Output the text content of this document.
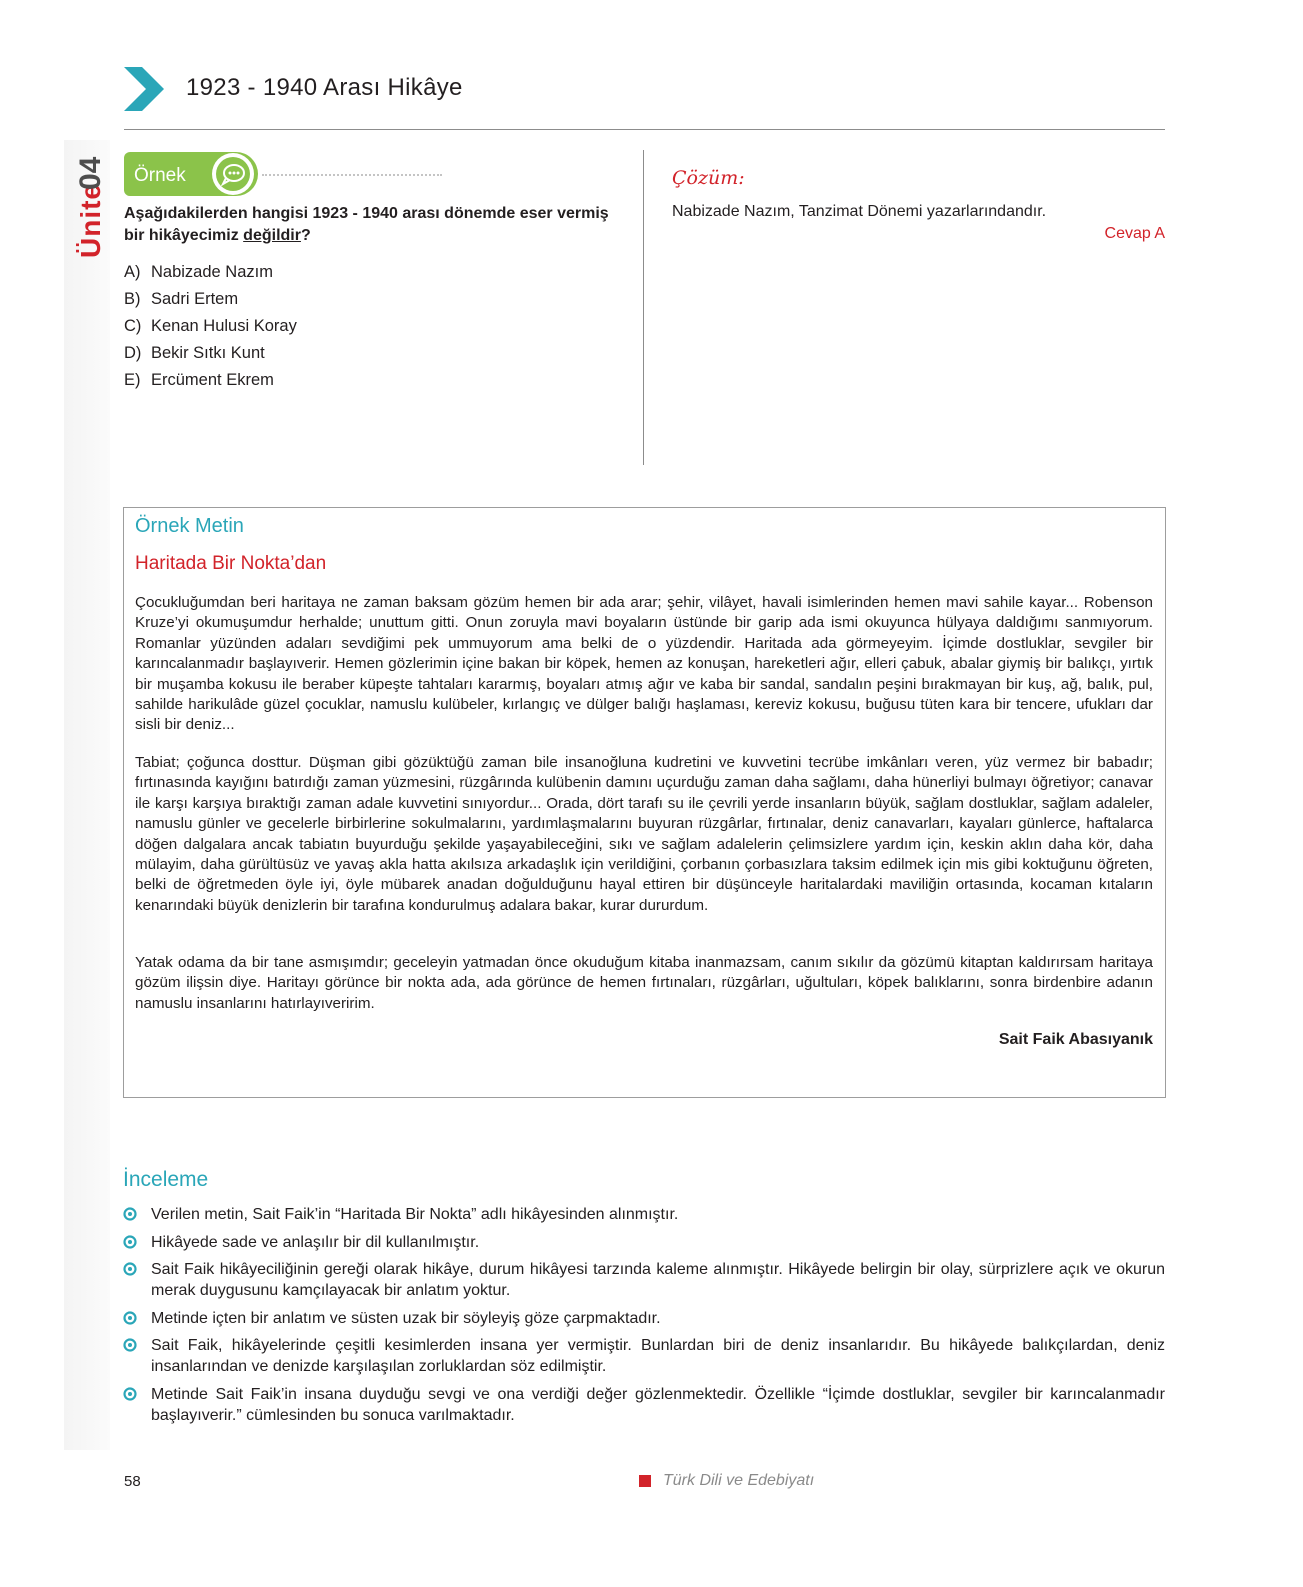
Ünite
04
1923 - 1940 Arası Hikâye
Örnek
Aşağıdakilerden hangisi 1923 - 1940 arası dönemde eser vermiş bir hikâyecimiz değildir?
A) Nabizade Nazım
B) Sadri Ertem
C) Kenan Hulusi Koray
D) Bekir Sıtkı Kunt
E) Ercüment Ekrem
Çözüm:
Nabizade Nazım, Tanzimat Dönemi yazarlarındandır.
Cevap A
Örnek Metin
Haritada Bir Nokta’dan
Çocukluğumdan beri haritaya ne zaman baksam gözüm hemen bir ada arar; şehir, vilâyet, havali isimlerinden hemen mavi sahile kayar... Robenson Kruze’yi okumuşumdur herhalde; unuttum gitti. Onun zoruyla mavi boyaların üstünde bir garip ada ismi okuyunca hülyaya daldığımı sanmıyorum. Romanlar yüzünden adaları sevdiğimi pek ummuyorum ama belki de o yüzdendir. Haritada ada görmeyeyim. İçimde dostluklar, sevgiler bir karıncalanmadır başlayıverir. Hemen gözlerimin içine bakan bir köpek, hemen az konuşan, hareketleri ağır, elleri çabuk, abalar giymiş bir balıkçı, yırtık bir muşamba kokusu ile beraber küpeşte tahtaları kararmış, boyaları atmış ağır ve kaba bir sandal, sandalın peşini bırakmayan bir kuş, ağ, balık, pul, sahilde harikulâde güzel çocuklar, namuslu kulübeler, kırlangıç ve dülger balığı haşlaması, kereviz kokusu, buğusu tüten kara bir tencere, ufukları dar sisli bir deniz...
Tabiat; çoğunca dosttur. Düşman gibi gözüktüğü zaman bile insanoğluna kudretini ve kuvvetini tecrübe imkânları veren, yüz vermez bir babadır; fırtınasında kayığını batırdığı zaman yüzmesini, rüzgârında kulübenin damını uçurduğu zaman daha sağlamı, daha hünerliyi bulmayı öğretiyor; canavar ile karşı karşıya bıraktığı zaman adale kuvvetini sınıyordur... Orada, dört tarafı su ile çevrili yerde insanların büyük, sağlam dostluklar, sağlam adaleler, namuslu günler ve gecelerle birbirlerine sokulmalarını, yardımlaşmalarını buyuran rüzgârlar, fırtınalar, deniz canavarları, kayaları günlerce, haftalarca döğen dalgalara ancak tabiatın buyurduğu şekilde yaşayabileceğini, sıkı ve sağlam adalelerin çelimsizlere yardım için, keskin aklın daha kör, daha mülayim, daha gürültüsüz ve yavaş akla hatta akılsıza arkadaşlık için verildiğini, çorbanın çorbasızlara taksim edilmek için mis gibi koktuğunu öğreten, belki de öğretmeden öyle iyi, öyle mübarek anadan doğulduğunu hayal ettiren bir düşünceyle haritalardaki maviliğin ortasında, kocaman kıtaların kenarındaki büyük denizlerin bir tarafına kondurulmuş adalara bakar, kurar dururdum.
Yatak odama da bir tane asmışımdır; geceleyin yatmadan önce okuduğum kitaba inanmazsam, canım sıkılır da gözümü kitaptan kaldırırsam haritaya gözüm ilişsin diye. Haritayı görünce bir nokta ada, ada görünce de hemen fırtınaları, rüzgârları, uğultuları, köpek balıklarını, sonra birdenbire adanın namuslu insanlarını hatırlayıveririm.
Sait Faik Abasıyanık
İnceleme
Verilen metin, Sait Faik’in “Haritada Bir Nokta” adlı hikâyesinden alınmıştır.
Hikâyede sade ve anlaşılır bir dil kullanılmıştır.
Sait Faik hikâyeciliğinin gereği olarak hikâye, durum hikâyesi tarzında kaleme alınmıştır. Hikâyede belirgin bir olay, sürprizlere açık ve okurun merak duygusunu kamçılayacak bir anlatım yoktur.
Metinde içten bir anlatım ve süsten uzak bir söyleyiş göze çarpmaktadır.
Sait Faik, hikâyelerinde çeşitli kesimlerden insana yer vermiştir. Bunlardan biri de deniz insanlarıdır. Bu hikâyede balıkçılardan, deniz insanlarından ve denizde karşılaşılan zorluklardan söz edilmiştir.
Metinde Sait Faik’in insana duyduğu sevgi ve ona verdiği değer gözlenmektedir. Özellikle “İçimde dostluklar, sevgiler bir karıncalanmadır başlayıverir.” cümlesinden bu sonuca varılmaktadır.
58	Türk Dili ve Edebiyatı
